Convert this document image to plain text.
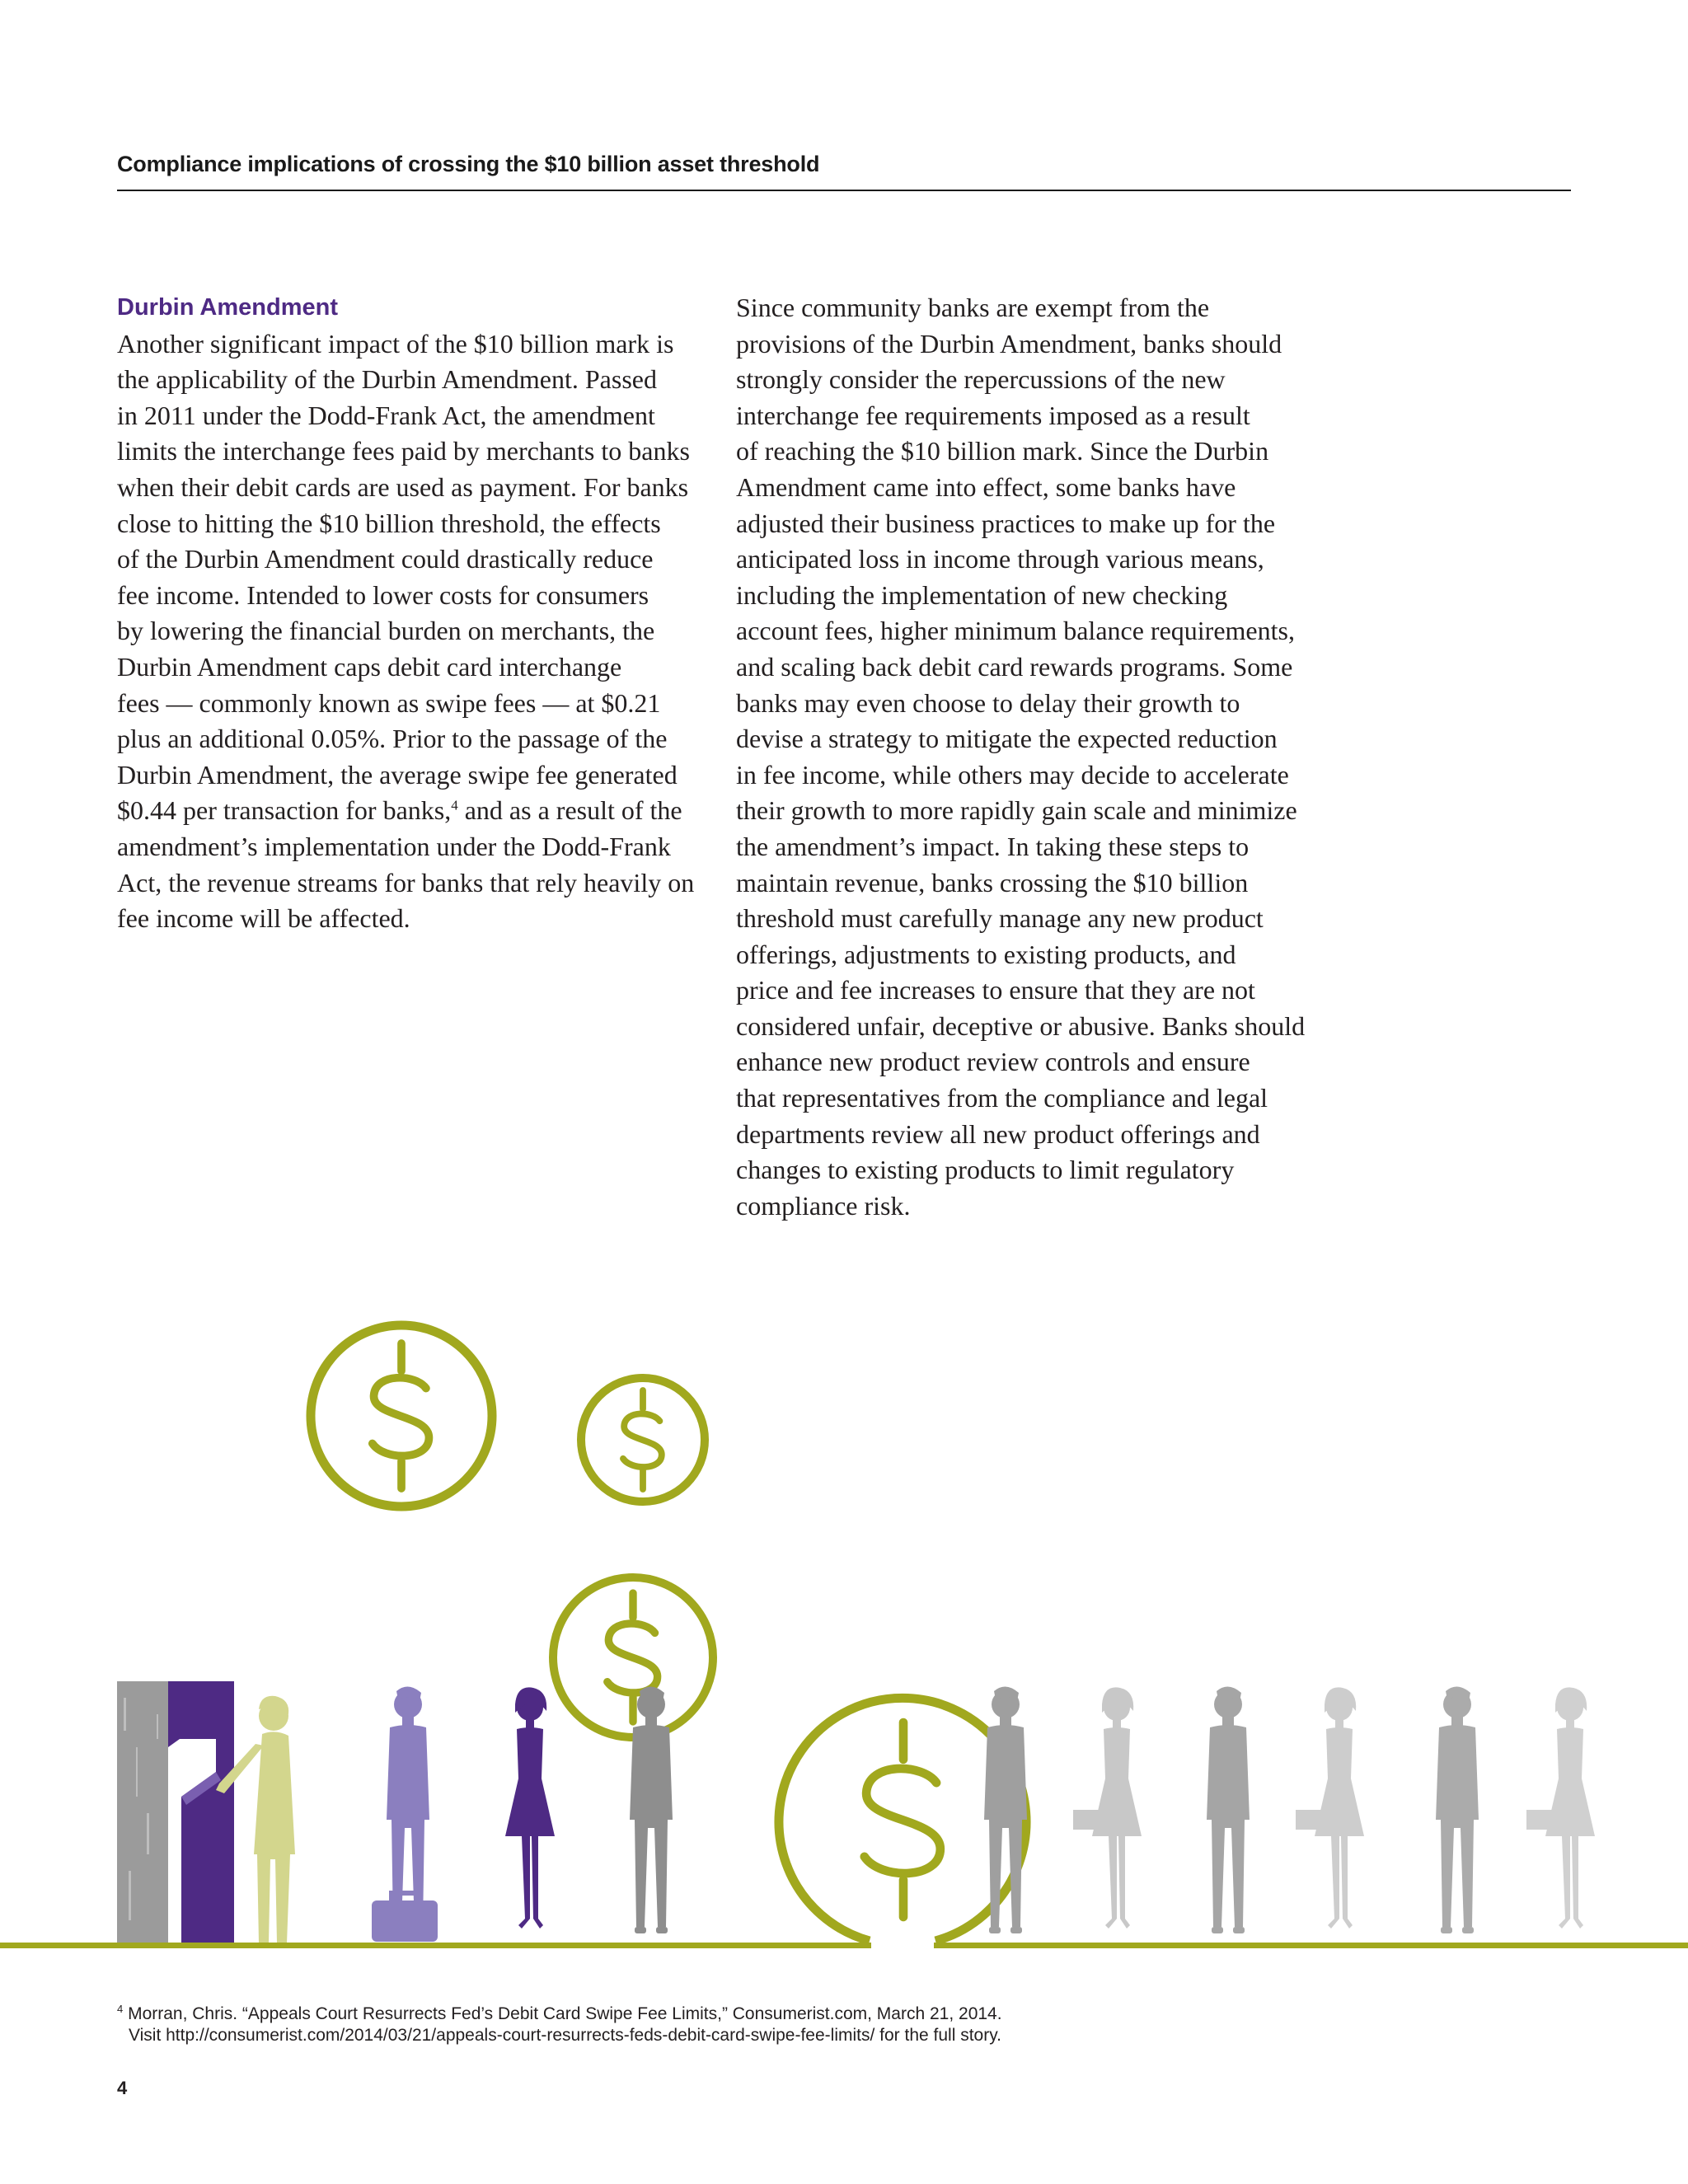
Compliance implications of crossing the $10 billion asset threshold
Durbin Amendment

Another significant impact of the $10 billion mark is
the applicability of the Durbin Amendment. Passed
in 2011 under the Dodd-Frank Act, the amendment
limits the interchange fees paid by merchants to banks
when their debit cards are used as payment. For banks
close to hitting the $10 billion threshold, the effects
of the Durbin Amendment could drastically reduce
fee income. Intended to lower costs for consumers
by lowering the financial burden on merchants, the
Durbin Amendment caps debit card interchange
fees — commonly known as swipe fees — at $0.21
plus an additional 0.05%. Prior to the passage of the
Durbin Amendment, the average swipe fee generated
$0.44 per transaction for banks,$^4$ and as a result of the
amendment’s implementation under the Dodd-Frank
Act, the revenue streams for banks that rely heavily on
fee income will be affected.

Since community banks are exempt from the
provisions of the Durbin Amendment, banks should
strongly consider the repercussions of the new
interchange fee requirements imposed as a result
of reaching the $10 billion mark. Since the Durbin
Amendment came into effect, some banks have
adjusted their business practices to make up for the
anticipated loss in income through various means,
including the implementation of new checking
account fees, higher minimum balance requirements,
and scaling back debit card rewards programs. Some
banks may even choose to delay their growth to
devise a strategy to mitigate the expected reduction
in fee income, while others may decide to accelerate
their growth to more rapidly gain scale and minimize
the amendment’s impact. In taking these steps to
maintain revenue, banks crossing the $10 billion
threshold must carefully manage any new product
offerings, adjustments to existing products, and
price and fee increases to ensure that they are not
considered unfair, deceptive or abusive. Banks should
enhance new product review controls and ensure
that representatives from the compliance and legal
departments review all new product offerings and
changes to existing products to limit regulatory
compliance risk.

$^4$ Morran, Chris. “Appeals Court Resurrects Fed’s Debit Card Swipe Fee Limits,” Consumerist.com, March 21, 2014.
Visit http://consumerist.com/2014/03/21/appeals-court-resurrects-feds-debit-card-swipe-fee-limits/ for the full story.
4
